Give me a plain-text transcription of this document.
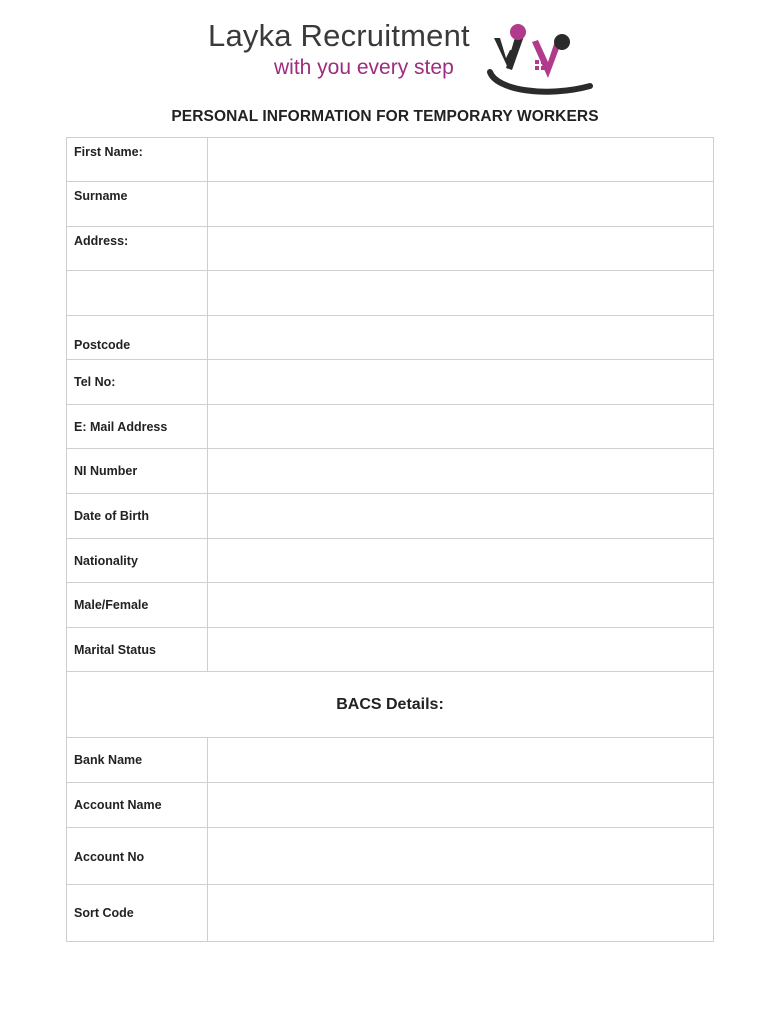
Layka Recruitment
with you every step
PERSONAL INFORMATION FOR TEMPORARY WORKERS
First Name:	
Surname	
Address:	

Postcode	
Tel No:	
E: Mail Address	
NI Number	
Date of Birth	
Nationality	
Male/Female	
Marital Status	
BACS Details:	
Bank Name	
Account Name	
Account No	
Sort Code	
